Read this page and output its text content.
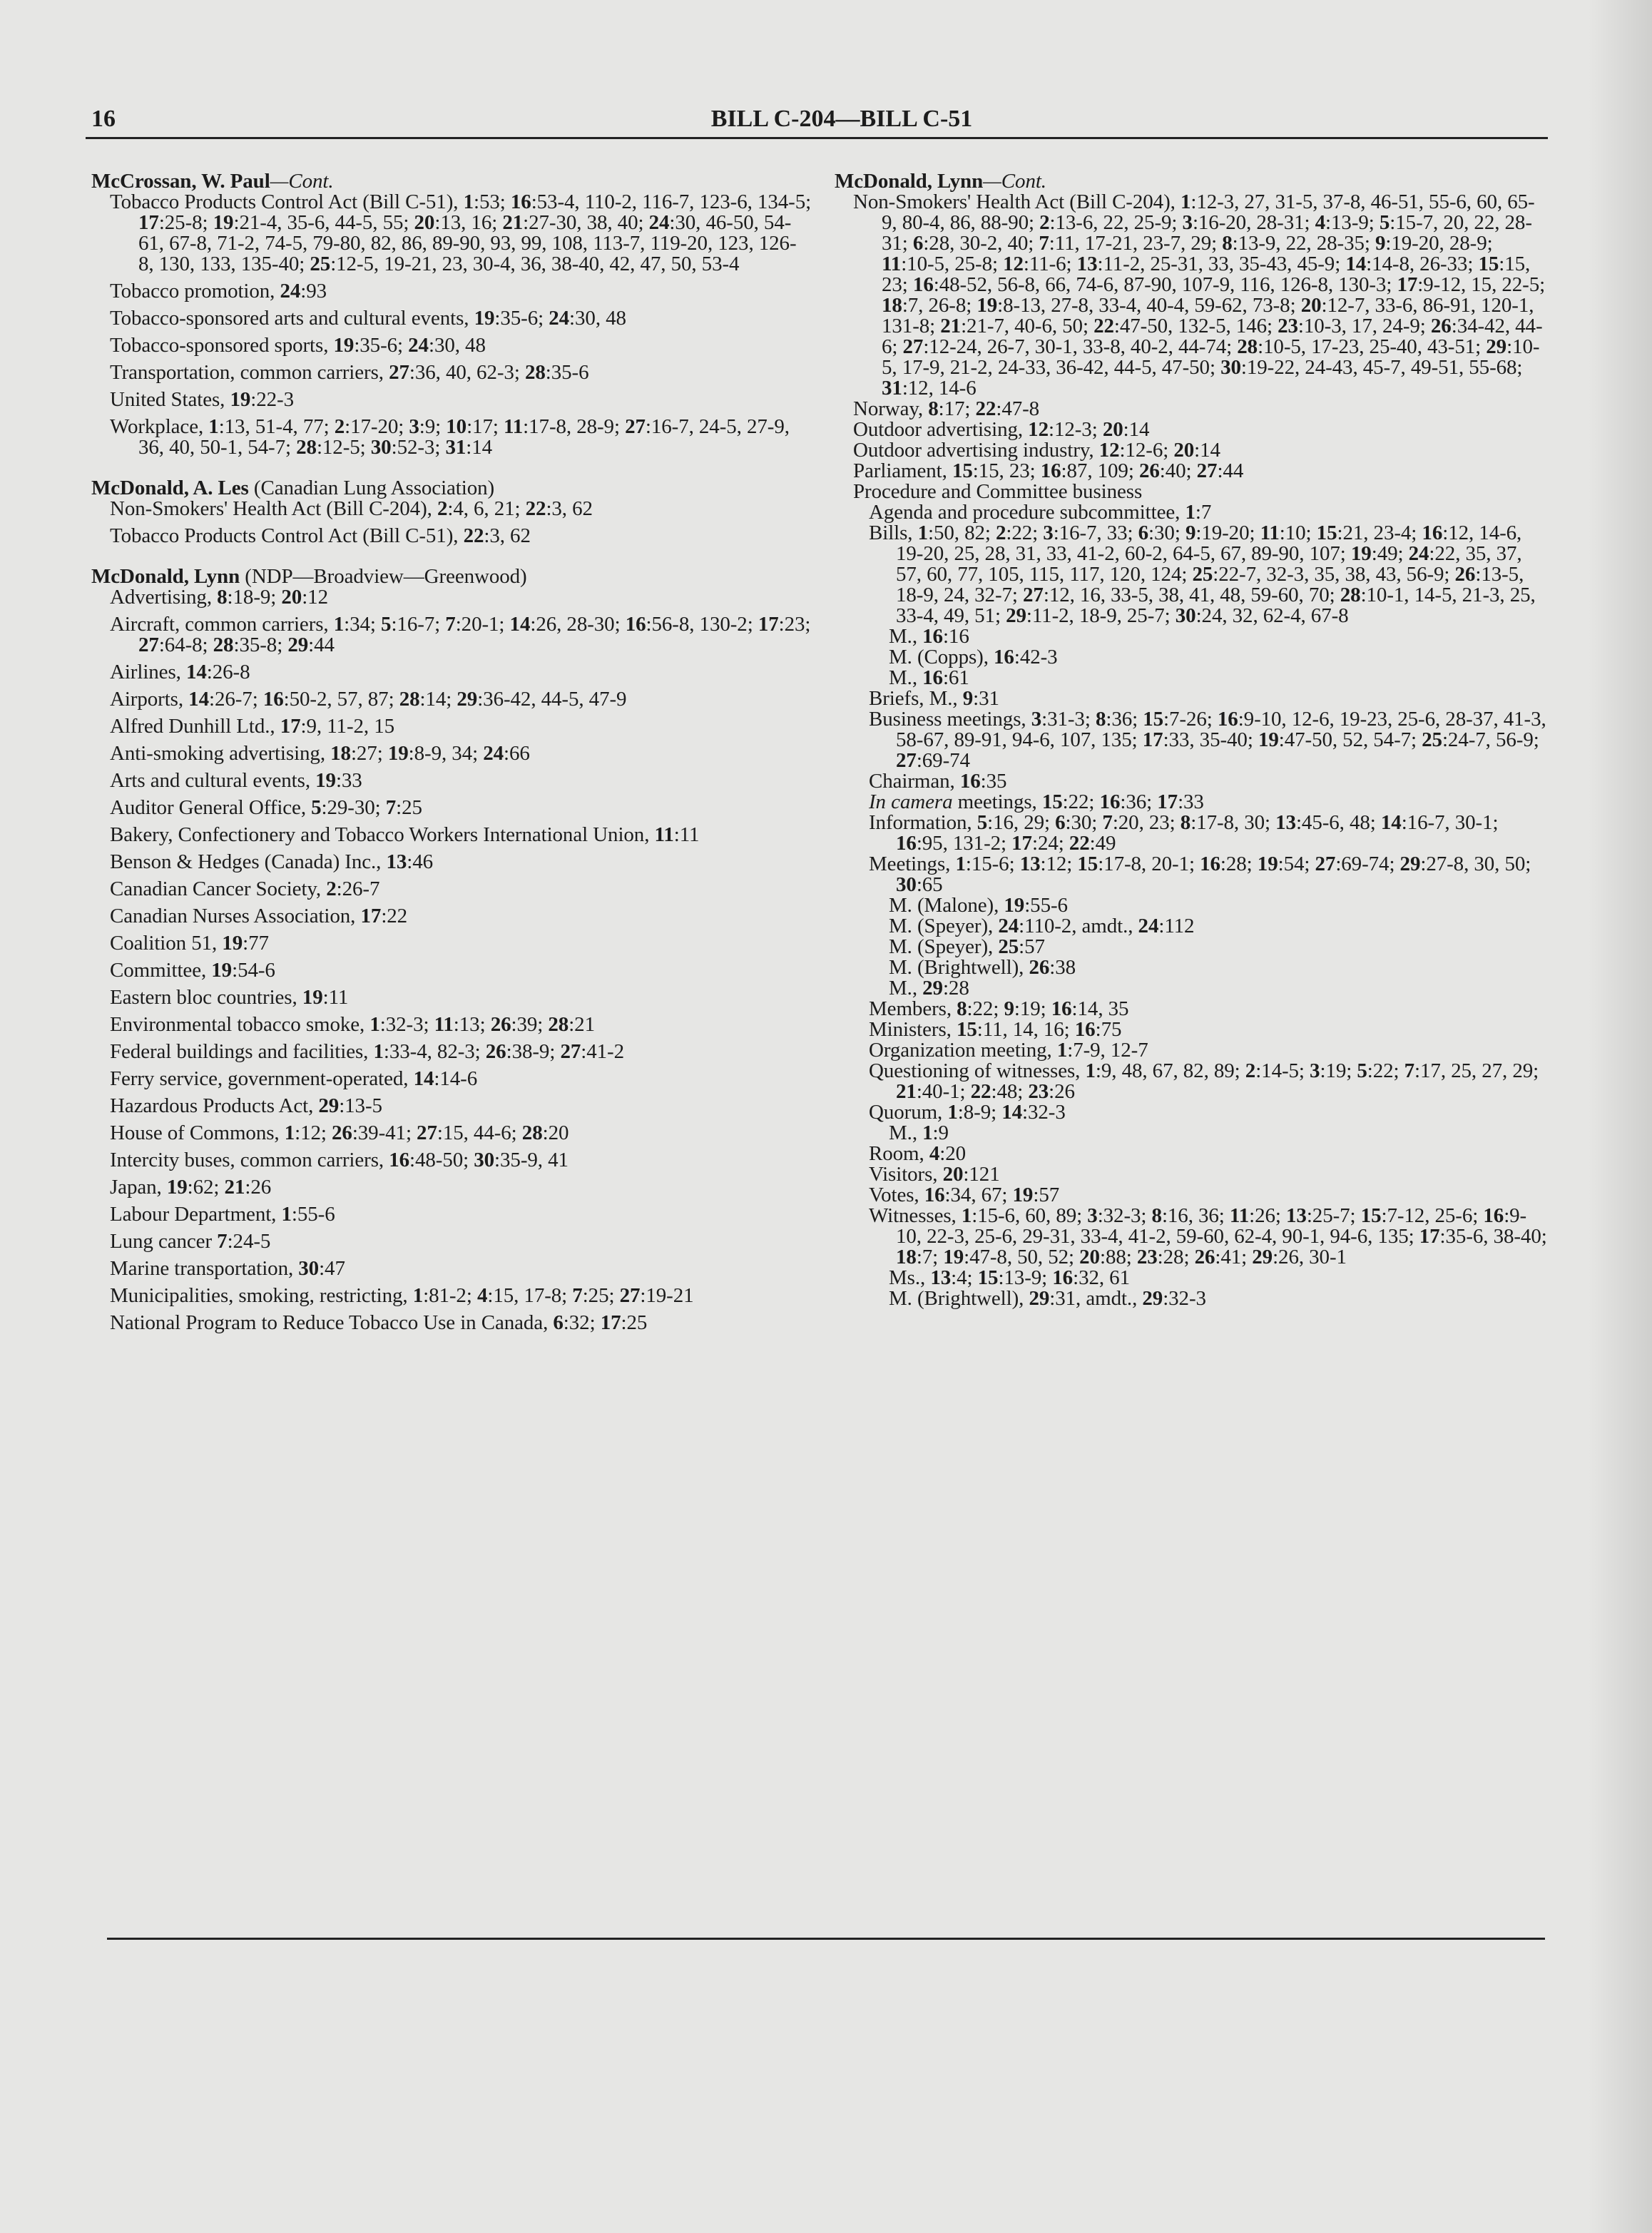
16	BILL C-204—BILL C-51

McCrossan, W. Paul—Cont.

Tobacco Products Control Act (Bill C-51), 1:53; 16:53-4, 110-2, 116-7, 123-6, 134-5; 17:25-8; 19:21-4, 35-6, 44-5, 55; 20:13, 16; 21:27-30, 38, 40; 24:30, 46-50, 54-61, 67-8, 71-2, 74-5, 79-80, 82, 86, 89-90, 93, 99, 108, 113-7, 119-20, 123, 126-8, 130, 133, 135-40; 25:12-5, 19-21, 23, 30-4, 36, 38-40, 42, 47, 50, 53-4

Tobacco promotion, 24:93

Tobacco-sponsored arts and cultural events, 19:35-6; 24:30, 48

Tobacco-sponsored sports, 19:35-6; 24:30, 48

Transportation, common carriers, 27:36, 40, 62-3; 28:35-6

United States, 19:22-3

Workplace, 1:13, 51-4, 77; 2:17-20; 3:9; 10:17; 11:17-8, 28-9; 27:16-7, 24-5, 27-9, 36, 40, 50-1, 54-7; 28:12-5; 30:52-3; 31:14

McDonald, A. Les (Canadian Lung Association)

Non-Smokers' Health Act (Bill C-204), 2:4, 6, 21; 22:3, 62

Tobacco Products Control Act (Bill C-51), 22:3, 62

McDonald, Lynn (NDP—Broadview—Greenwood)

Advertising, 8:18-9; 20:12

Aircraft, common carriers, 1:34; 5:16-7; 7:20-1; 14:26, 28-30; 16:56-8, 130-2; 17:23; 27:64-8; 28:35-8; 29:44

Airlines, 14:26-8

Airports, 14:26-7; 16:50-2, 57, 87; 28:14; 29:36-42, 44-5, 47-9

Alfred Dunhill Ltd., 17:9, 11-2, 15

Anti-smoking advertising, 18:27; 19:8-9, 34; 24:66

Arts and cultural events, 19:33

Auditor General Office, 5:29-30; 7:25

Bakery, Confectionery and Tobacco Workers International Union, 11:11

Benson & Hedges (Canada) Inc., 13:46

Canadian Cancer Society, 2:26-7

Canadian Nurses Association, 17:22

Coalition 51, 19:77

Committee, 19:54-6

Eastern bloc countries, 19:11

Environmental tobacco smoke, 1:32-3; 11:13; 26:39; 28:21

Federal buildings and facilities, 1:33-4, 82-3; 26:38-9; 27:41-2

Ferry service, government-operated, 14:14-6

Hazardous Products Act, 29:13-5

House of Commons, 1:12; 26:39-41; 27:15, 44-6; 28:20

Intercity buses, common carriers, 16:48-50; 30:35-9, 41

Japan, 19:62; 21:26

Labour Department, 1:55-6

Lung cancer 7:24-5

Marine transportation, 30:47

Municipalities, smoking, restricting, 1:81-2; 4:15, 17-8; 7:25; 27:19-21

National Program to Reduce Tobacco Use in Canada, 6:32; 17:25

McDonald, Lynn—Cont.

Non-Smokers' Health Act (Bill C-204), 1:12-3, 27, 31-5, 37-8, 46-51, 55-6, 60, 65-9, 80-4, 86, 88-90; 2:13-6, 22, 25-9; 3:16-20, 28-31; 4:13-9; 5:15-7, 20, 22, 28-31; 6:28, 30-2, 40; 7:11, 17-21, 23-7, 29; 8:13-9, 22, 28-35; 9:19-20, 28-9; 11:10-5, 25-8; 12:11-6; 13:11-2, 25-31, 33, 35-43, 45-9; 14:14-8, 26-33; 15:15, 23; 16:48-52, 56-8, 66, 74-6, 87-90, 107-9, 116, 126-8, 130-3; 17:9-12, 15, 22-5; 18:7, 26-8; 19:8-13, 27-8, 33-4, 40-4, 59-62, 73-8; 20:12-7, 33-6, 86-91, 120-1, 131-8; 21:21-7, 40-6, 50; 22:47-50, 132-5, 146; 23:10-3, 17, 24-9; 26:34-42, 44-6; 27:12-24, 26-7, 30-1, 33-8, 40-2, 44-74; 28:10-5, 17-23, 25-40, 43-51; 29:10-5, 17-9, 21-2, 24-33, 36-42, 44-5, 47-50; 30:19-22, 24-43, 45-7, 49-51, 55-68; 31:12, 14-6

Norway, 8:17; 22:47-8

Outdoor advertising, 12:12-3; 20:14

Outdoor advertising industry, 12:12-6; 20:14

Parliament, 15:15, 23; 16:87, 109; 26:40; 27:44

Procedure and Committee business

Agenda and procedure subcommittee, 1:7

Bills, 1:50, 82; 2:22; 3:16-7, 33; 6:30; 9:19-20; 11:10; 15:21, 23-4; 16:12, 14-6, 19-20, 25, 28, 31, 33, 41-2, 60-2, 64-5, 67, 89-90, 107; 19:49; 24:22, 35, 37, 57, 60, 77, 105, 115, 117, 120, 124; 25:22-7, 32-3, 35, 38, 43, 56-9; 26:13-5, 18-9, 24, 32-7; 27:12, 16, 33-5, 38, 41, 48, 59-60, 70; 28:10-1, 14-5, 21-3, 25, 33-4, 49, 51; 29:11-2, 18-9, 25-7; 30:24, 32, 62-4, 67-8

M., 16:16

M. (Copps), 16:42-3

M., 16:61

Briefs, M., 9:31

Business meetings, 3:31-3; 8:36; 15:7-26; 16:9-10, 12-6, 19-23, 25-6, 28-37, 41-3, 58-67, 89-91, 94-6, 107, 135; 17:33, 35-40; 19:47-50, 52, 54-7; 25:24-7, 56-9; 27:69-74

Chairman, 16:35

In camera meetings, 15:22; 16:36; 17:33

Information, 5:16, 29; 6:30; 7:20, 23; 8:17-8, 30; 13:45-6, 48; 14:16-7, 30-1; 16:95, 131-2; 17:24; 22:49

Meetings, 1:15-6; 13:12; 15:17-8, 20-1; 16:28; 19:54; 27:69-74; 29:27-8, 30, 50; 30:65

M. (Malone), 19:55-6

M. (Speyer), 24:110-2, amdt., 24:112

M. (Speyer), 25:57

M. (Brightwell), 26:38

M., 29:28

Members, 8:22; 9:19; 16:14, 35

Ministers, 15:11, 14, 16; 16:75

Organization meeting, 1:7-9, 12-7

Questioning of witnesses, 1:9, 48, 67, 82, 89; 2:14-5; 3:19; 5:22; 7:17, 25, 27, 29; 21:40-1; 22:48; 23:26

Quorum, 1:8-9; 14:32-3

M., 1:9

Room, 4:20

Visitors, 20:121

Votes, 16:34, 67; 19:57

Witnesses, 1:15-6, 60, 89; 3:32-3; 8:16, 36; 11:26; 13:25-7; 15:7-12, 25-6; 16:9-10, 22-3, 25-6, 29-31, 33-4, 41-2, 59-60, 62-4, 90-1, 94-6, 135; 17:35-6, 38-40; 18:7; 19:47-8, 50, 52; 20:88; 23:28; 26:41; 29:26, 30-1

Ms., 13:4; 15:13-9; 16:32, 61

M. (Brightwell), 29:31, amdt., 29:32-3
